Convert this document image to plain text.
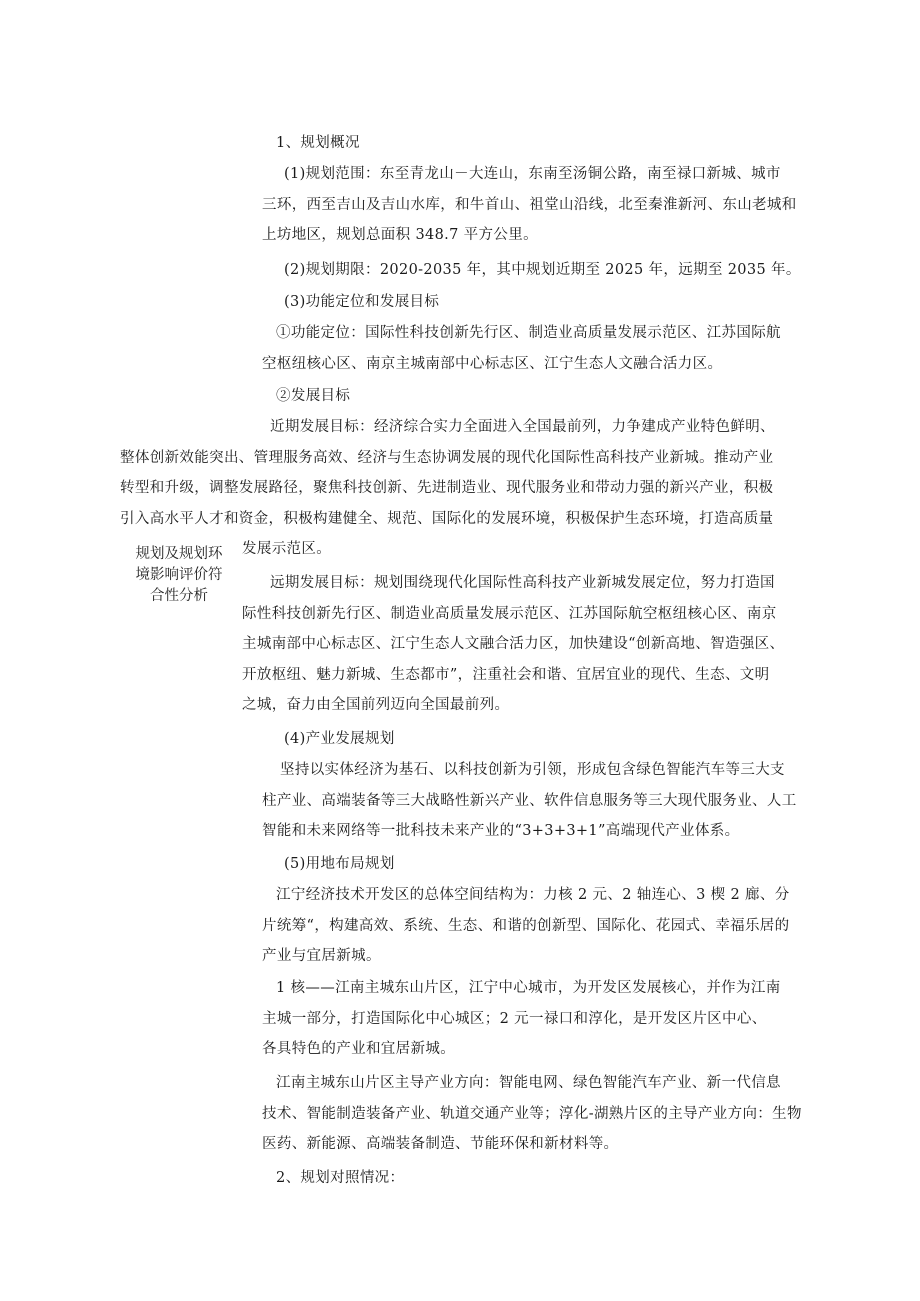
规划及规划环
境影响评价符
合性分析
1、规划概况
(1)规划范围：东至青龙山－大连山，东南至汤铜公路，南至禄口新城、城市
三环，西至吉山及吉山水库，和牛首山、祖堂山沿线，北至秦淮新河、东山老城和
上坊地区，规划总面积 348.7 平方公里。
(2)规划期限：2020-2035 年，其中规划近期至 2025 年，远期至 2035 年。
(3)功能定位和发展目标
①功能定位：国际性科技创新先行区、制造业高质量发展示范区、江苏国际航
空枢纽核心区、南京主城南部中心标志区、江宁生态人文融合活力区。
②发展目标
近期发展目标：经济综合实力全面进入全国最前列，力争建成产业特色鲜明、
整体创新效能突出、管理服务高效、经济与生态协调发展的现代化国际性高科技产业新城。推动产业
转型和升级，调整发展路径，聚焦科技创新、先进制造业、现代服务业和带动力强的新兴产业，积极
引入高水平人才和资金，积极构建健全、规范、国际化的发展环境，积极保护生态环境，打造高质量
发展示范区。
远期发展目标：规划围绕现代化国际性高科技产业新城发展定位，努力打造国
际性科技创新先行区、制造业高质量发展示范区、江苏国际航空枢纽核心区、南京
主城南部中心标志区、江宁生态人文融合活力区，加快建设“创新高地、智造强区、
开放枢纽、魅力新城、生态都市”，注重社会和谐、宜居宜业的现代、生态、文明
之城，奋力由全国前列迈向全国最前列。
(4)产业发展规划
坚持以实体经济为基石、以科技创新为引领，形成包含绿色智能汽车等三大支
柱产业、高端装备等三大战略性新兴产业、软件信息服务等三大现代服务业、人工
智能和未来网络等一批科技未来产业的“3+3+3+1”高端现代产业体系。
(5)用地布局规划
江宁经济技术开发区的总体空间结构为：力核 2 元、2 轴连心、3 楔 2 廊、分
片统筹“，构建高效、系统、生态、和谐的创新型、国际化、花园式、幸福乐居的
产业与宜居新城。
1 核——江南主城东山片区，江宁中心城市，为开发区发展核心，并作为江南
主城一部分，打造国际化中心城区；2 元一禄口和淳化，是开发区片区中心、
各具特色的产业和宜居新城。
江南主城东山片区主导产业方向：智能电网、绿色智能汽车产业、新一代信息
技术、智能制造装备产业、轨道交通产业等；淳化-湖熟片区的主导产业方向：生物
医药、新能源、高端装备制造、节能环保和新材料等。
2、规划对照情况：
